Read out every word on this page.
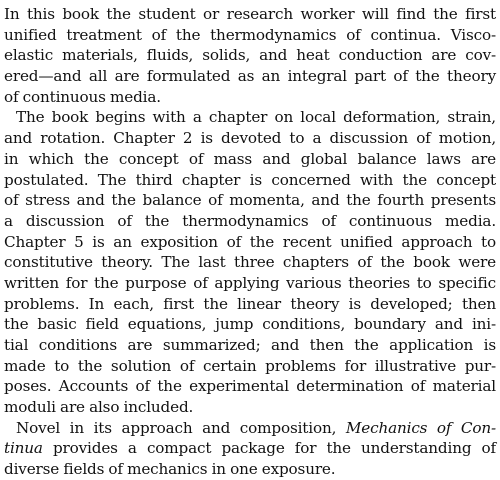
In this book the student or research worker will find the first
unified treatment of the thermodynamics of continua. Visco-
elastic materials, fluids, solids, and heat conduction are cov-
ered—and all are formulated as an integral part of the theory
of continuous media.
The book begins with a chapter on local deformation, strain,
and rotation. Chapter 2 is devoted to a discussion of motion,
in which the concept of mass and global balance laws are
postulated. The third chapter is concerned with the concept
of stress and the balance of momenta, and the fourth presents
a discussion of the thermodynamics of continuous media.
Chapter 5 is an exposition of the recent unified approach to
constitutive theory. The last three chapters of the book were
written for the purpose of applying various theories to specific
problems. In each, first the linear theory is developed; then
the basic field equations, jump conditions, boundary and ini-
tial conditions are summarized; and then the application is
made to the solution of certain problems for illustrative pur-
poses. Accounts of the experimental determination of material
moduli are also included.
Novel in its approach and composition, Mechanics of Con-
tinua provides a compact package for the understanding of
diverse fields of mechanics in one exposure.
